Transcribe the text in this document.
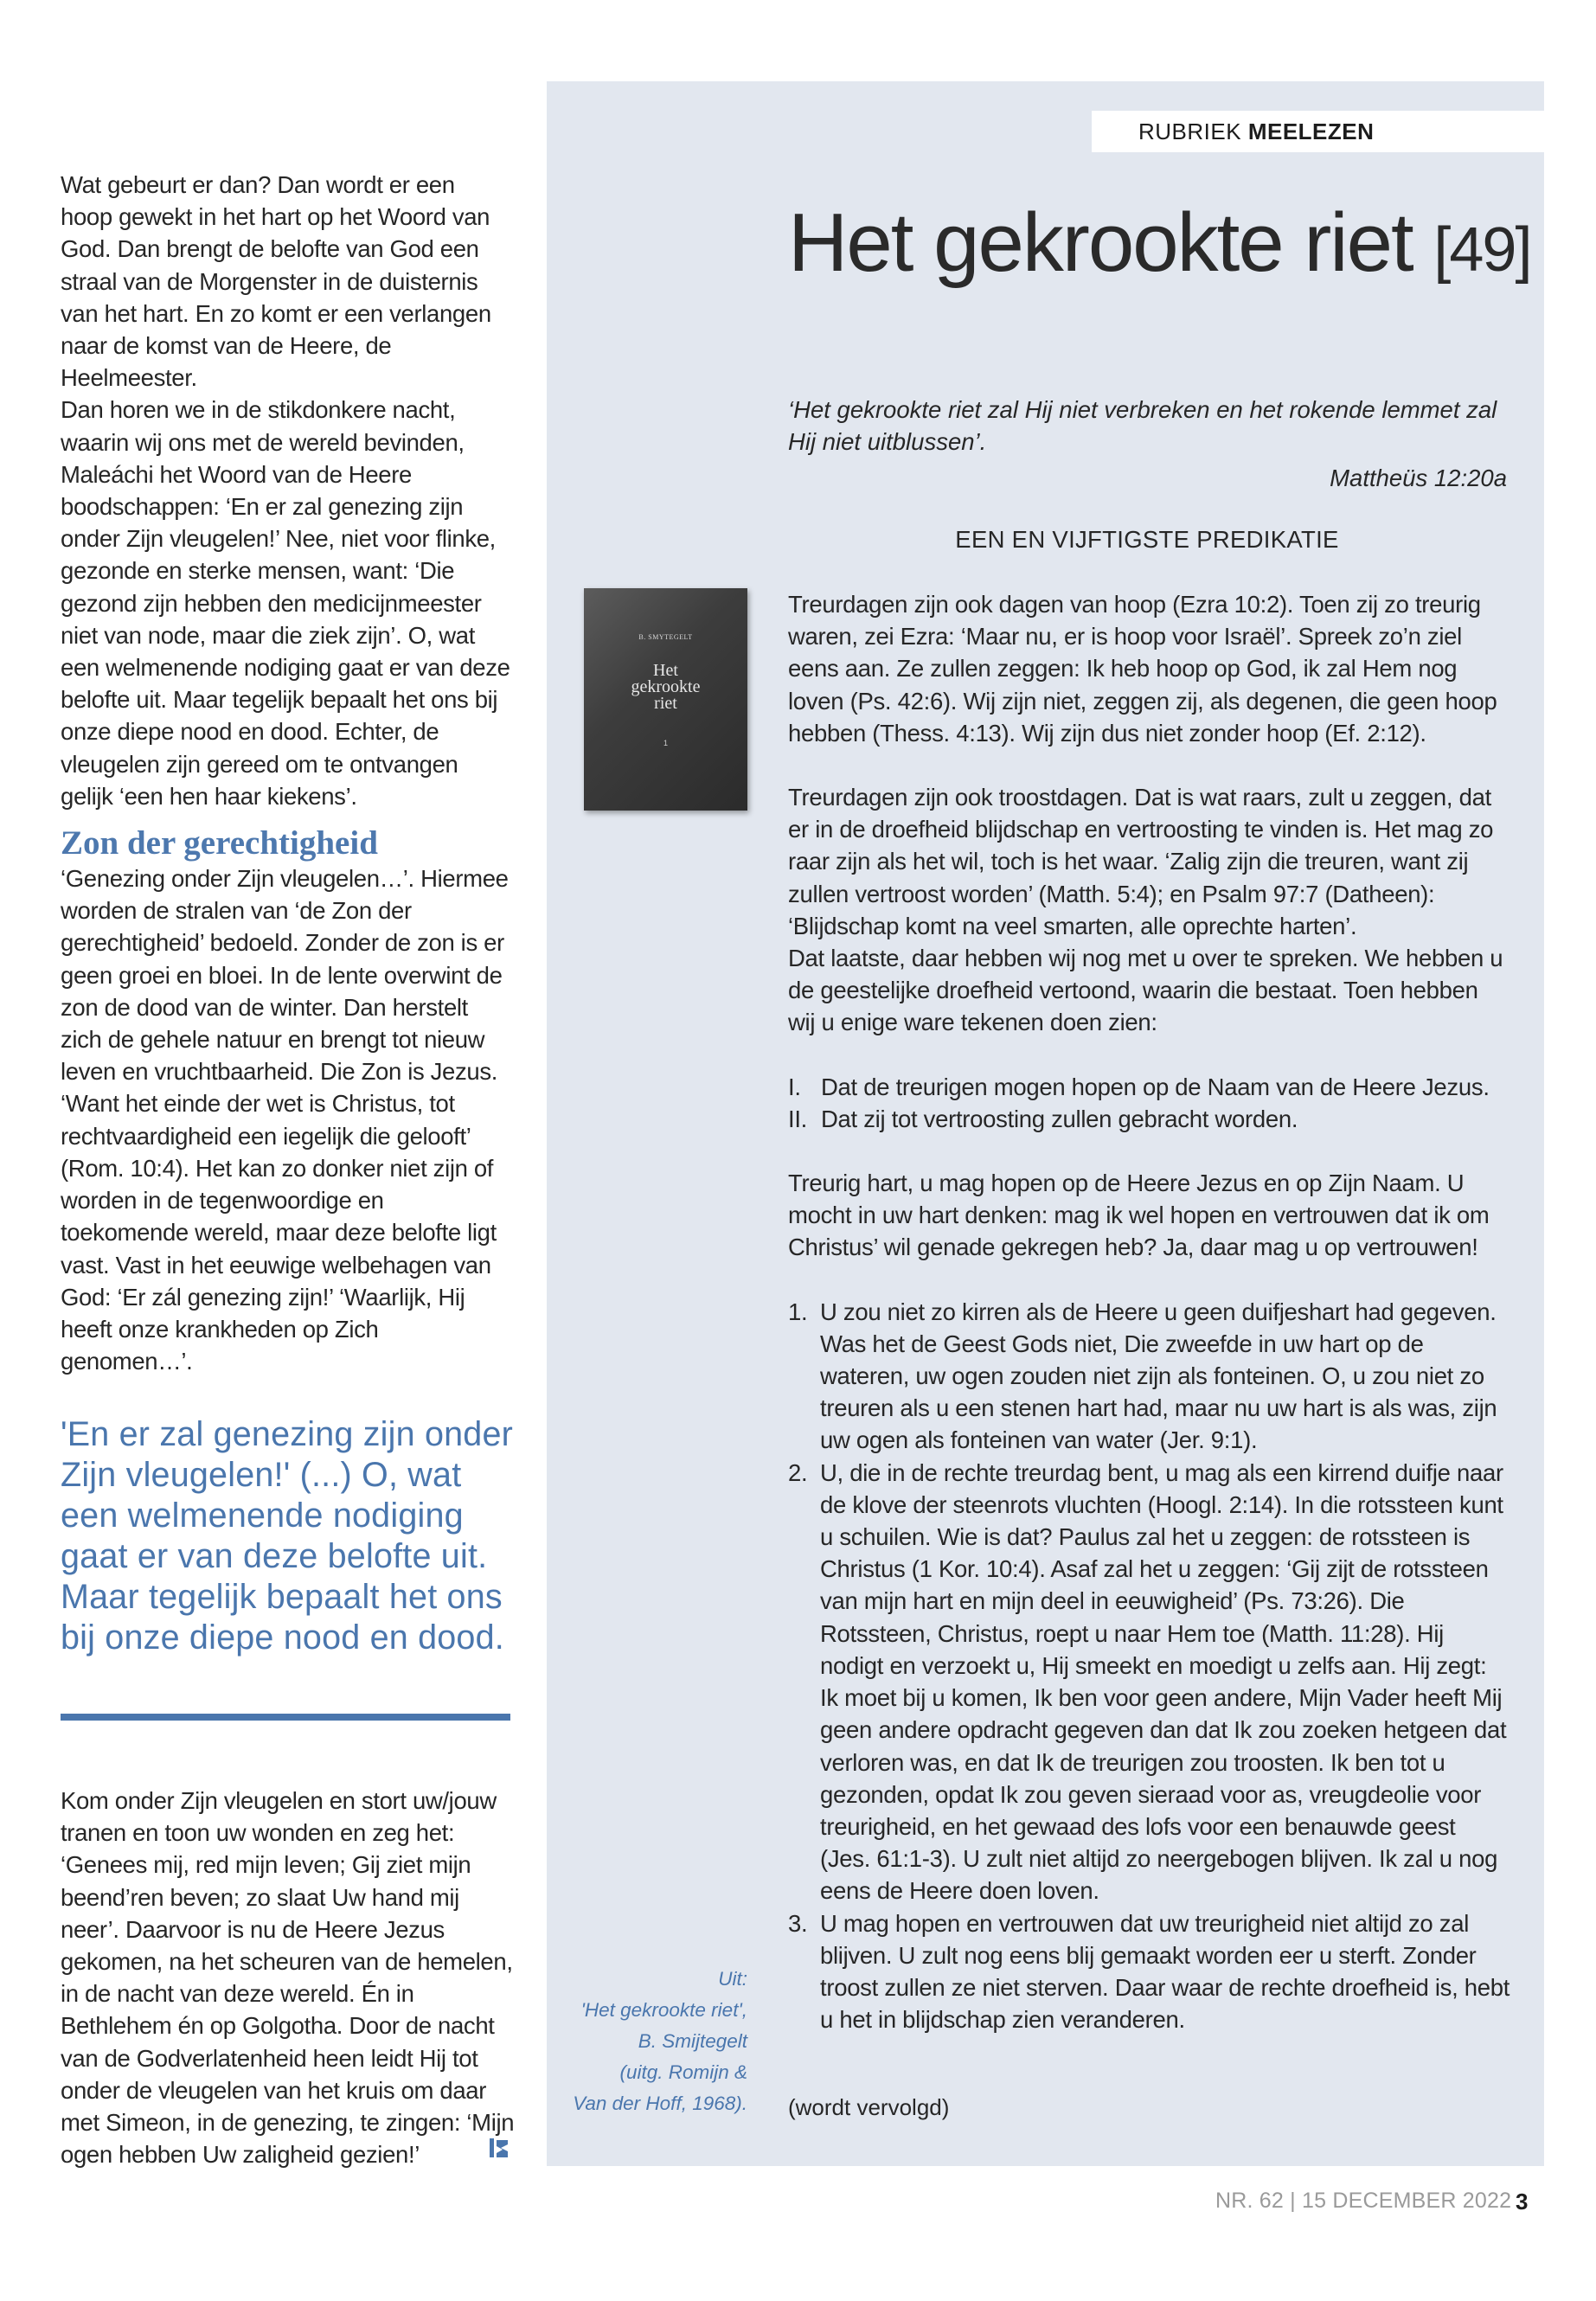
Wat gebeurt er dan? Dan wordt er een hoop gewekt in het hart op het Woord van God. Dan brengt de belofte van God een straal van de Morgenster in de duisternis van het hart. En zo komt er een verlangen naar de komst van de Heere, de Heelmeester.

Dan horen we in de stikdonkere nacht, waarin wij ons met de wereld bevinden, Maleáchi het Woord van de Heere boodschappen: ‘En er zal genezing zijn onder Zijn vleugelen!’ Nee, niet voor flinke, gezonde en sterke mensen, want: ‘Die gezond zijn hebben den medicijnmeester niet van node, maar die ziek zijn’. O, wat een welmenende nodiging gaat er van deze belofte uit. Maar tegelijk bepaalt het ons bij onze diepe nood en dood. Echter, de vleugelen zijn gereed om te ontvangen gelijk ‘een hen haar kiekens’.

Zon der gerechtigheid

‘Genezing onder Zijn vleugelen…’. Hiermee worden de stralen van ‘de Zon der gerechtigheid’ bedoeld. Zonder de zon is er geen groei en bloei. In de lente overwint de zon de dood van de winter. Dan herstelt zich de gehele natuur en brengt tot nieuw leven en vruchtbaarheid. Die Zon is Jezus. ‘Want het einde der wet is Christus, tot rechtvaardigheid een iegelijk die gelooft’ (Rom. 10:4). Het kan zo donker niet zijn of worden in de tegenwoordige en toekomende wereld, maar deze belofte ligt vast. Vast in het eeuwige welbehagen van God: ‘Er zál genezing zijn!’ ‘Waarlijk, Hij heeft onze krankheden op Zich genomen…’.

'En er zal genezing zijn onder Zijn vleugelen!' (...) O, wat een welmenende nodiging gaat er van deze belofte uit. Maar tegelijk bepaalt het ons bij onze diepe nood en dood.
Kom onder Zijn vleugelen en stort uw/jouw tranen en toon uw wonden en zeg het: ‘Genees mij, red mijn leven; Gij ziet mijn beend’ren beven; zo slaat Uw hand mij neer’. Daarvoor is nu de Heere Jezus gekomen, na het scheuren van de hemelen, in de nacht van deze wereld. Én in Bethlehem én op Golgotha. Door de nacht van de Godverlatenheid heen leidt Hij tot onder de vleugelen van het kruis om daar met Simeon, in de genezing, te zingen: ‘Mijn ogen hebben Uw zaligheid gezien!’
RUBRIEK MEELEZEN
Het gekrookte riet [49]

‘Het gekrookte riet zal Hij niet verbreken en het rokende lemmet zal Hij niet uitblussen’.

Mattheüs 12:20a
EEN EN VIJFTIGSTE PREDIKATIE
B. SMYTEGELT
Het
gekrookte
riet
1

Treurdagen zijn ook dagen van hoop (Ezra 10:2). Toen zij zo treurig waren, zei Ezra: ‘Maar nu, er is hoop voor Israël’. Spreek zo’n ziel eens aan. Ze zullen zeggen: Ik heb hoop op God, ik zal Hem nog loven (Ps. 42:6). Wij zijn niet, zeggen zij, als degenen, die geen hoop hebben (Thess. 4:13). Wij zijn dus niet zonder hoop (Ef. 2:12).

Treurdagen zijn ook troostdagen. Dat is wat raars, zult u zeggen, dat er in de droefheid blijdschap en vertroosting te vinden is. Het mag zo raar zijn als het wil, toch is het waar. ‘Zalig zijn die treuren, want zij zullen vertroost worden’ (Matth. 5:4); en Psalm 97:7 (Datheen): ‘Blijdschap komt na veel smarten, alle oprechte harten’.

Dat laatste, daar hebben wij nog met u over te spreken. We hebben u de geestelijke droefheid vertoond, waarin die bestaat. Toen hebben wij u enige ware tekenen doen zien:

I. Dat de treurigen mogen hopen op de Naam van de Heere Jezus.
II. Dat zij tot vertroosting zullen gebracht worden.

Treurig hart, u mag hopen op de Heere Jezus en op Zijn Naam. U mocht in uw hart denken: mag ik wel hopen en vertrouwen dat ik om Christus’ wil genade gekregen heb? Ja, daar mag u op vertrouwen!

1. U zou niet zo kirren als de Heere u geen duifjeshart had gegeven. Was het de Geest Gods niet, Die zweefde in uw hart op de wateren, uw ogen zouden niet zijn als fonteinen. O, u zou niet zo treuren als u een stenen hart had, maar nu uw hart is als was, zijn uw ogen als fonteinen van water (Jer. 9:1).
2. U, die in de rechte treurdag bent, u mag als een kirrend duifje naar de klove der steenrots vluchten (Hoogl. 2:14). In die rotssteen kunt u schuilen. Wie is dat? Paulus zal het u zeggen: de rotssteen is Christus (1 Kor. 10:4). Asaf zal het u zeggen: ‘Gij zijt de rotssteen van mijn hart en mijn deel in eeuwigheid’ (Ps. 73:26). Die Rotssteen, Christus, roept u naar Hem toe (Matth. 11:28). Hij nodigt en verzoekt u, Hij smeekt en moedigt u zelfs aan. Hij zegt: Ik moet bij u komen, Ik ben voor geen andere, Mijn Vader heeft Mij geen andere opdracht gegeven dan dat Ik zou zoeken hetgeen dat verloren was, en dat Ik de treurigen zou troosten. Ik ben tot u gezonden, opdat Ik zou geven sieraad voor as, vreugdeolie voor treurigheid, en het gewaad des lofs voor een benauwde geest (Jes. 61:1-3). U zult niet altijd zo neergebogen blijven. Ik zal u nog eens de Heere doen loven.
3. U mag hopen en vertrouwen dat uw treurigheid niet altijd zo zal blijven. U zult nog eens blij gemaakt worden eer u sterft. Zonder troost zullen ze niet sterven. Daar waar de rechte droefheid is, hebt u het in blijdschap zien veranderen.
Uit:
'Het gekrookte riet',
B. Smijtegelt
(uitg. Romijn &
Van der Hoff, 1968). (wordt vervolgd)
NR. 62 | 15 DECEMBER 2022 3
